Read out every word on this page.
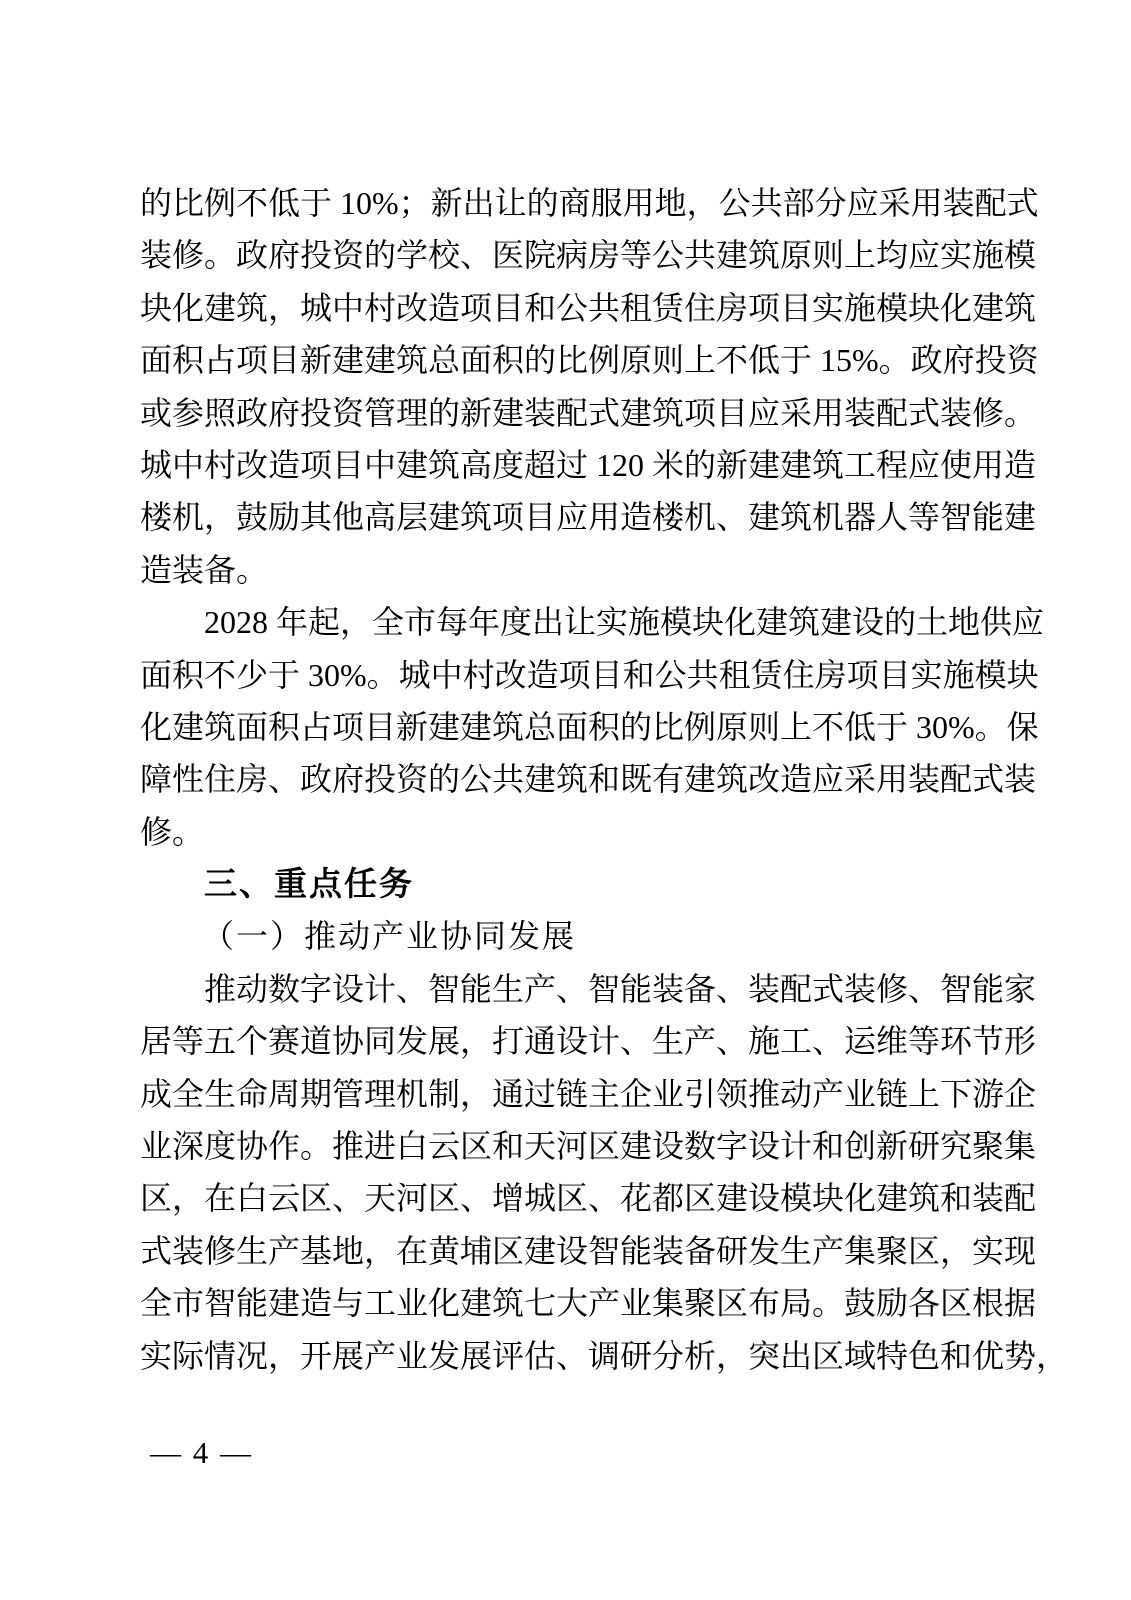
的比例不低于 10%；新出让的商服用地，公共部分应采用装配式
装修。政府投资的学校、医院病房等公共建筑原则上均应实施模
块化建筑，城中村改造项目和公共租赁住房项目实施模块化建筑
面积占项目新建建筑总面积的比例原则上不低于 15%。政府投资
或参照政府投资管理的新建装配式建筑项目应采用装配式装修。
城中村改造项目中建筑高度超过 120 米的新建建筑工程应使用造
楼机，鼓励其他高层建筑项目应用造楼机、建筑机器人等智能建
造装备。
2028 年起，全市每年度出让实施模块化建筑建设的土地供应
面积不少于 30%。城中村改造项目和公共租赁住房项目实施模块
化建筑面积占项目新建建筑总面积的比例原则上不低于 30%。保
障性住房、政府投资的公共建筑和既有建筑改造应采用装配式装
修。
三、重点任务
（一）推动产业协同发展
推动数字设计、智能生产、智能装备、装配式装修、智能家
居等五个赛道协同发展，打通设计、生产、施工、运维等环节形
成全生命周期管理机制，通过链主企业引领推动产业链上下游企
业深度协作。推进白云区和天河区建设数字设计和创新研究聚集
区，在白云区、天河区、增城区、花都区建设模块化建筑和装配
式装修生产基地，在黄埔区建设智能装备研发生产集聚区，实现
全市智能建造与工业化建筑七大产业集聚区布局。鼓励各区根据
实际情况，开展产业发展评估、调研分析，突出区域特色和优势，
— 4 —
